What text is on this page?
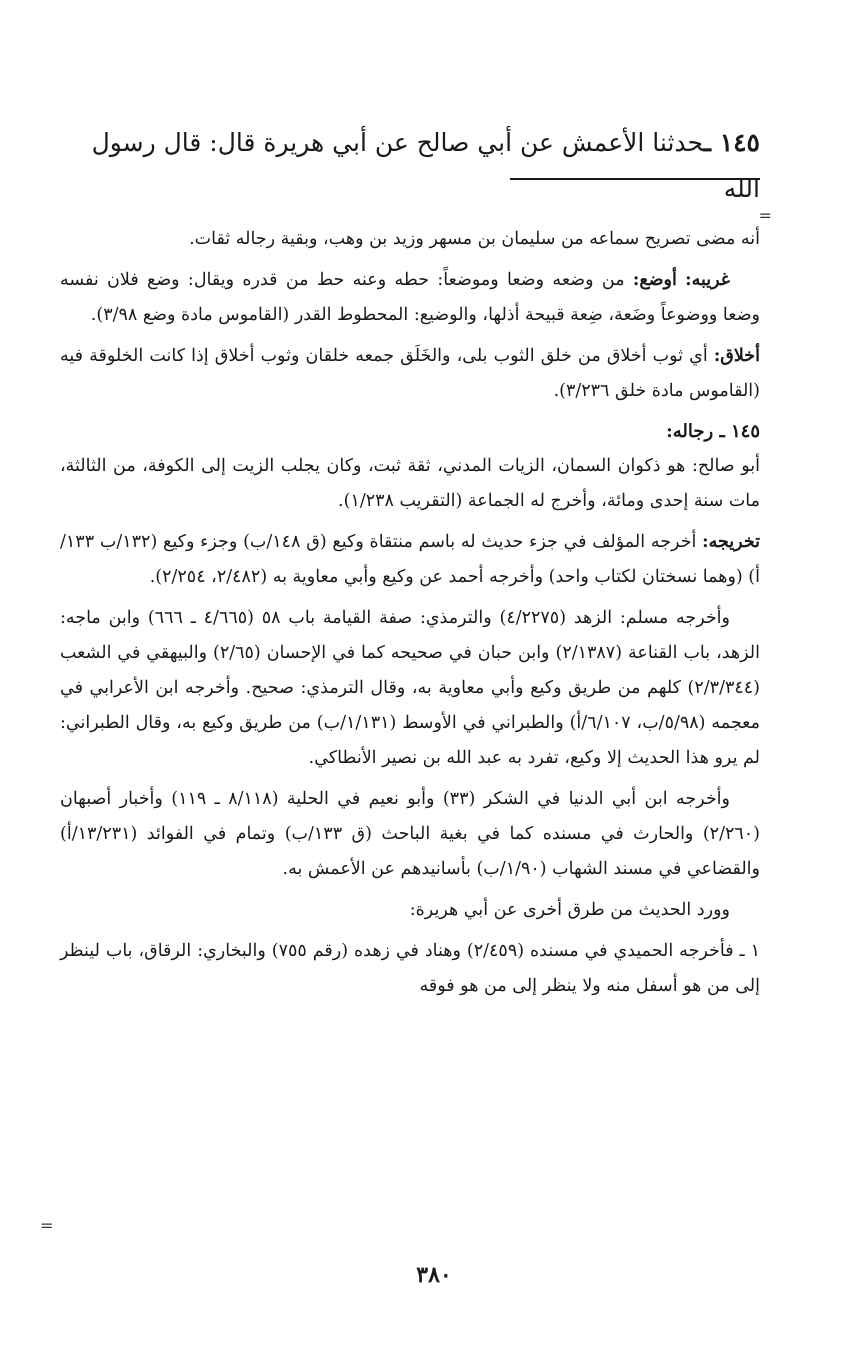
=
=

١٤٥ ـحدثنا الأعمش عن أبي صالح عن أبي هريرة قال: قال رسول الله

أنه مضى تصريح سماعه من سليمان بن مسهر وزيد بن وهب، وبقية رجاله ثقات.

غريبه: أوضع: من وضعه وضعا وموضعاً: حطه وعنه حط من قدره ويقال: وضع فلان نفسه وضعا ووضوعاً وضَعة، ضِعة قبيحة أذلها، والوضيع: المحطوط القدر (القاموس مادة وضع ٣/٩٨).

أخلاق: أي ثوب أخلاق من خلق الثوب بلى، والخَلَق جمعه خلقان وثوب أخلاق إذا كانت الخلوقة فيه (القاموس مادة خلق ٣/٢٣٦).

١٤٥ ـ رجاله:

أبو صالح: هو ذكوان السمان، الزيات المدني، ثقة ثبت، وكان يجلب الزيت إلى الكوفة، من الثالثة، مات سنة إحدى ومائة، وأخرج له الجماعة (التقريب ١/٢٣٨).

تخريجه: أخرجه المؤلف في جزء حديث له باسم منتقاة وكيع (ق ١٤٨/ب) وجزء وكيع (١٣٢/ب ١٣٣/أ) (وهما نسختان لكتاب واحد) وأخرجه أحمد عن وكيع وأبي معاوية به (٢/٤٨٢، ٢/٢٥٤).

وأخرجه مسلم: الزهد (٤/٢٢٧٥) والترمذي: صفة القيامة باب ٥٨ (٤/٦٦٥ ـ ٦٦٦) وابن ماجه: الزهد، باب القناعة (٢/١٣٨٧) وابن حبان في صحيحه كما في الإحسان (٢/٦٥) والبيهقي في الشعب (٢/٣/٣٤٤) كلهم من طريق وكيع وأبي معاوية به، وقال الترمذي: صحيح. وأخرجه ابن الأعرابي في معجمه (٥/٩٨/ب، ٦/١٠٧/أ) والطبراني في الأوسط (١/١٣١/ب) من طريق وكيع به، وقال الطبراني: لم يرو هذا الحديث إلا وكيع، تفرد به عبد الله بن نصير الأنطاكي.

وأخرجه ابن أبي الدنيا في الشكر (٣٣) وأبو نعيم في الحلية (٨/١١٨ ـ ١١٩) وأخبار أصبهان (٢/٢٦٠) والحارث في مسنده كما في بغية الباحث (ق ١٣٣/ب) وتمام في الفوائد (١٣/٢٣١/أ) والقضاعي في مسند الشهاب (١/٩٠/ب) بأسانيدهم عن الأعمش به.

وورد الحديث من طرق أخرى عن أبي هريرة:

١ ـ فأخرجه الحميدي في مسنده (٢/٤٥٩) وهناد في زهده (رقم ٧٥٥) والبخاري: الرقاق، باب لينظر إلى من هو أسفل منه ولا ينظر إلى من هو فوقه

٣٨٠
